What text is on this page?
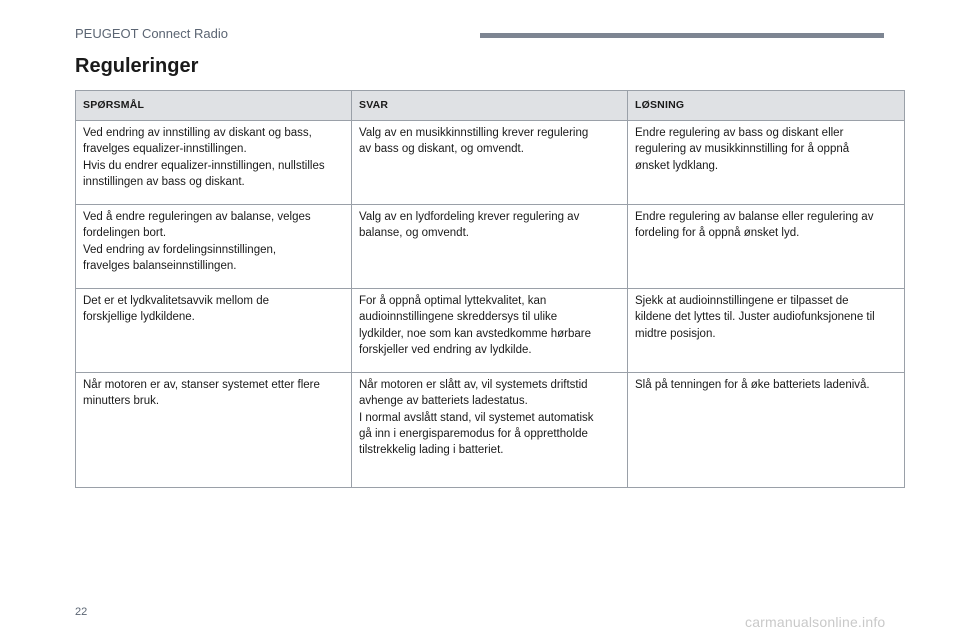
PEUGEOT Connect Radio
Reguleringer
SPØRSMÅL	SVAR	LØSNING

Ved endring av innstilling av diskant og bass,
fravelges equalizer-innstillingen.
Hvis du endrer equalizer-innstillingen, nullstilles
innstillingen av bass og diskant.	Valg av en musikkinnstilling krever regulering
av bass og diskant, og omvendt.	Endre regulering av bass og diskant eller
regulering av musikkinnstilling for å oppnå
ønsket lydklang.

Ved å endre reguleringen av balanse, velges
fordelingen bort.
Ved endring av fordelingsinnstillingen,
fravelges balanseinnstillingen.	Valg av en lydfordeling krever regulering av
balanse, og omvendt.	Endre regulering av balanse eller regulering av
fordeling for å oppnå ønsket lyd.

Det er et lydkvalitetsavvik mellom de
forskjellige lydkildene.	For å oppnå optimal lyttekvalitet, kan
audioinnstillingene skreddersys til ulike
lydkilder, noe som kan avstedkomme hørbare
forskjeller ved endring av lydkilde.	Sjekk at audioinnstillingene er tilpasset de
kildene det lyttes til. Juster audiofunksjonene til
midtre posisjon.

Når motoren er av, stanser systemet etter flere
minutters bruk.	Når motoren er slått av, vil systemets driftstid
avhenge av batteriets ladestatus.
I normal avslått stand, vil systemet automatisk
gå inn i energisparemodus for å opprettholde
tilstrekkelig lading i batteriet.	Slå på tenningen for å øke batteriets ladenivå.
22
carmanualsonline.info
